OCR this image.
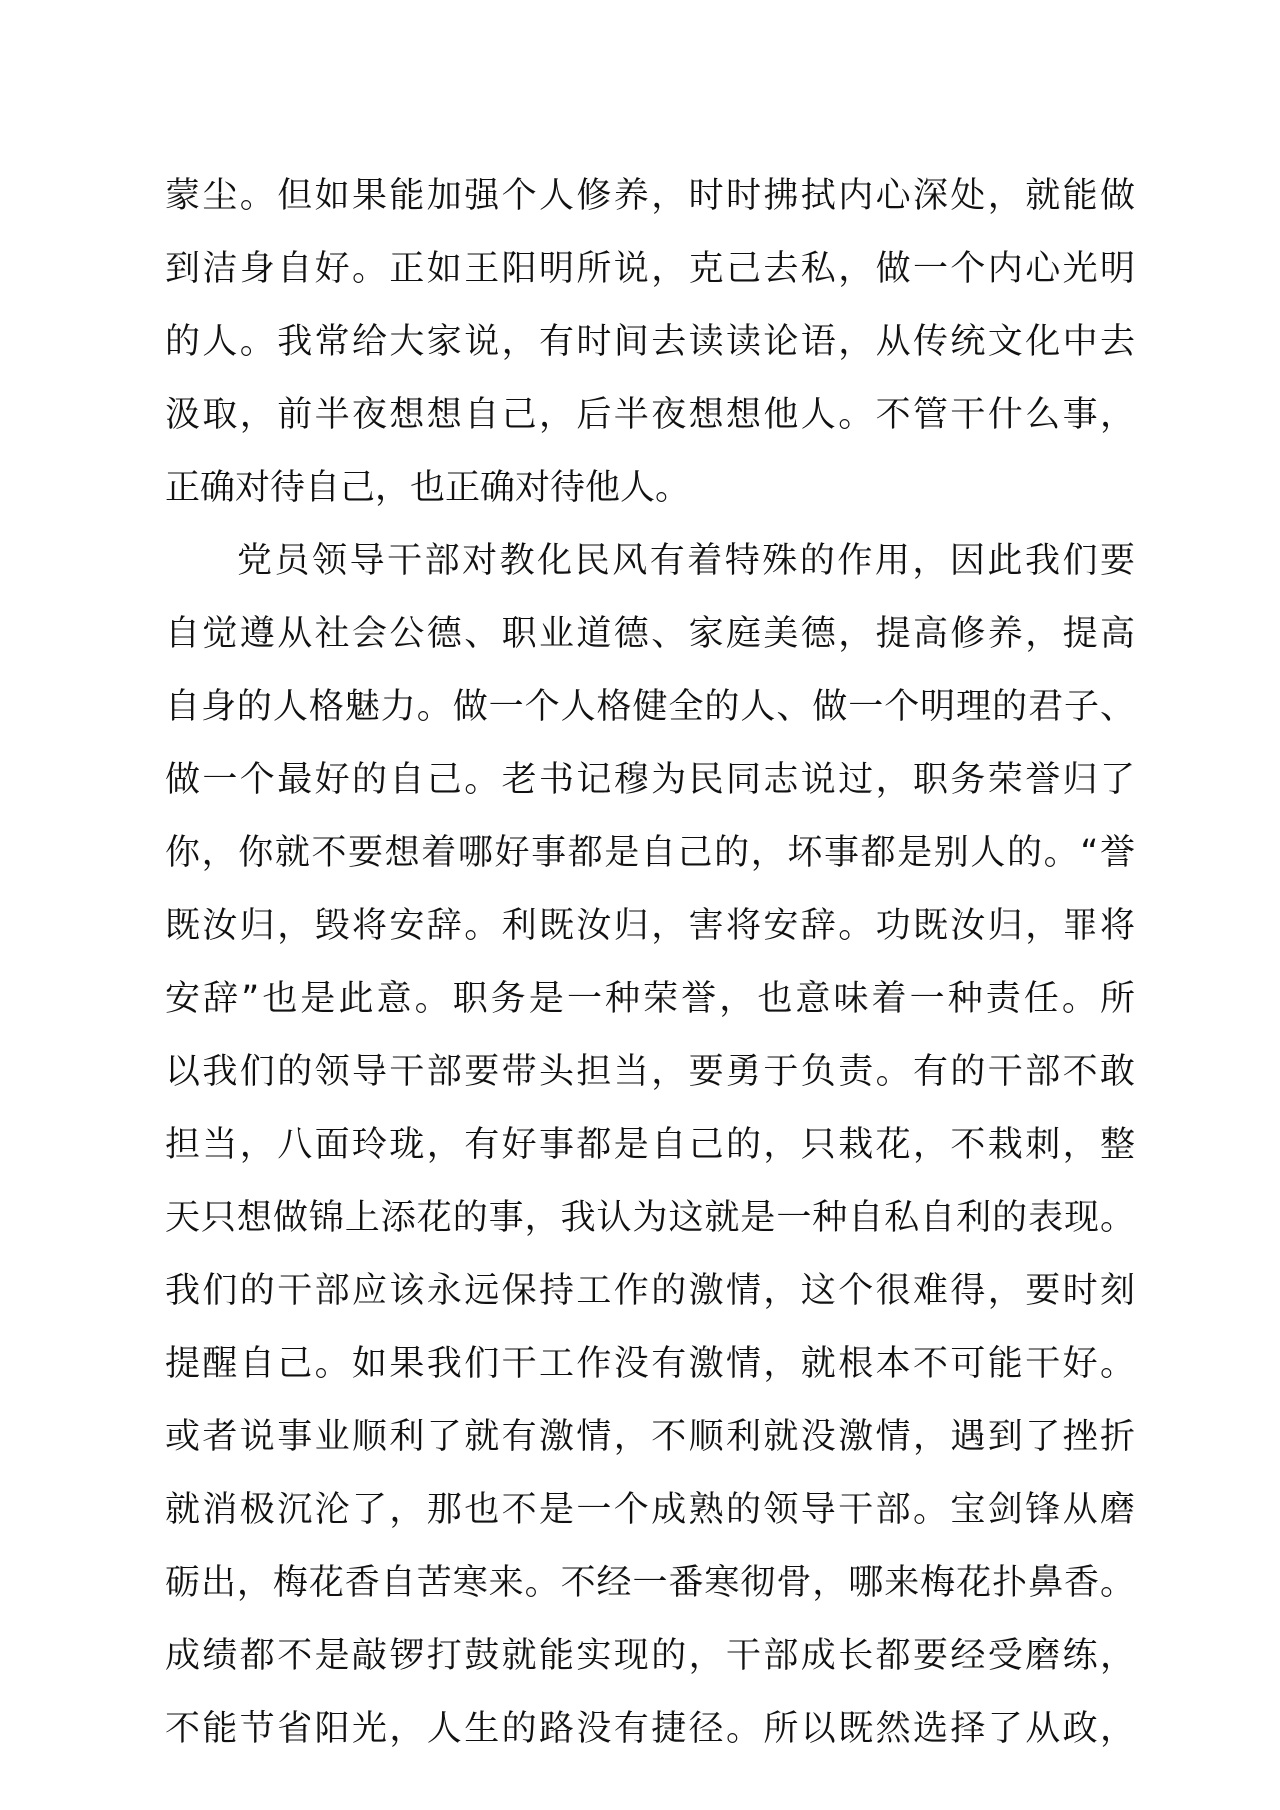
蒙尘。但如果能加强个人修养，时时拂拭内心深处，就能做
到洁身自好。正如王阳明所说，克己去私，做一个内心光明
的人。我常给大家说，有时间去读读论语，从传统文化中去
汲取，前半夜想想自己，后半夜想想他人。不管干什么事，
正确对待自己，也正确对待他人。
党员领导干部对教化民风有着特殊的作用，因此我们要
自觉遵从社会公德、职业道德、家庭美德，提高修养，提高
自身的人格魅力。做一个人格健全的人、做一个明理的君子、
做一个最好的自己。老书记穆为民同志说过，职务荣誉归了
你，你就不要想着哪好事都是自己的，坏事都是别人的。“誉
既汝归，毁将安辞。利既汝归，害将安辞。功既汝归，罪将
安辞”也是此意。职务是一种荣誉，也意味着一种责任。所
以我们的领导干部要带头担当，要勇于负责。有的干部不敢
担当，八面玲珑，有好事都是自己的，只栽花，不栽刺，整
天只想做锦上添花的事，我认为这就是一种自私自利的表现。
我们的干部应该永远保持工作的激情，这个很难得，要时刻
提醒自己。如果我们干工作没有激情，就根本不可能干好。
或者说事业顺利了就有激情，不顺利就没激情，遇到了挫折
就消极沉沦了，那也不是一个成熟的领导干部。宝剑锋从磨
砺出，梅花香自苦寒来。不经一番寒彻骨，哪来梅花扑鼻香。
成绩都不是敲锣打鼓就能实现的，干部成长都要经受磨练，
不能节省阳光，人生的路没有捷径。所以既然选择了从政，
